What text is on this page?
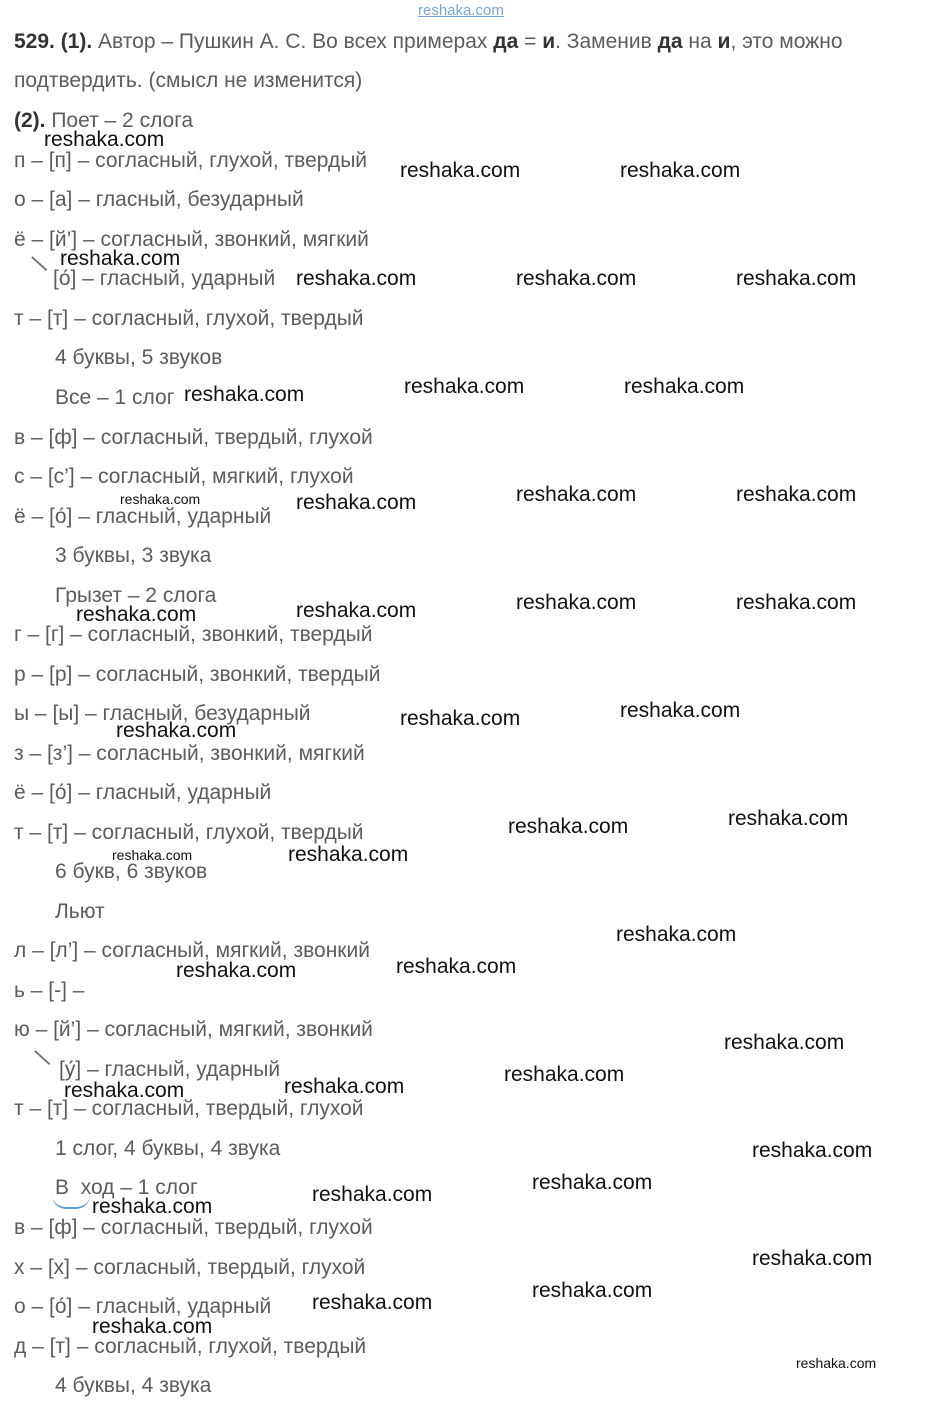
529. (1). Автор – Пушкин А. С. Во всех примерах да = и. Заменив да на и, это можно
подтвердить. (смысл не изменится)
(2). Поет – 2 слога
п – [п] – согласный, глухой, твердый
о – [а] – гласный, безударный
ё – [й’] – согласный, звонкий, мягкий
[о́] – гласный, ударный
т – [т] – согласный, глухой, твердый
4 буквы, 5 звуков
Все – 1 слог
в – [ф] – согласный, твердый, глухой
с – [с’] – согласный, мягкий, глухой
ё – [о́] – гласный, ударный
3 буквы, 3 звука
Грызет – 2 слога
г – [г] – согласный, звонкий, твердый
р – [р] – согласный, звонкий, твердый
ы – [ы] – гласный, безударный
з – [з’] – согласный, звонкий, мягкий
ё – [о́] – гласный, ударный
т – [т] – согласный, глухой, твердый
6 букв, 6 звуков
Льют
л – [л’] – согласный, мягкий, звонкий
ь – [-] –
ю – [й’] – согласный, мягкий, звонкий
[у́] – гласный, ударный
т – [т] – согласный, твердый, глухой
1 слог, 4 буквы, 4 звука
В ход – 1 слог
в – [ф] – согласный, твердый, глухой
х – [х] – согласный, твердый, глухой
о – [о́] – гласный, ударный
д – [т] – согласный, глухой, твердый
4 буквы, 4 звука
reshaka.com
reshaka.com
reshaka.com	reshaka.com
reshaka.com
reshaka.com	reshaka.com	reshaka.com
reshaka.com	reshaka.com	reshaka.com
reshaka.com	reshaka.com	reshaka.com	reshaka.com
reshaka.com	reshaka.com	reshaka.com	reshaka.com
reshaka.com
reshaka.com	reshaka.com
reshaka.com	reshaka.com
reshaka.com	reshaka.com
reshaka.com	reshaka.com
reshaka.com
reshaka.com	reshaka.com
reshaka.com
reshaka.com
reshaka.com
reshaka.com
reshaka.com
reshaka.com
reshaka.com
reshaka.com
reshaka.com
reshaka.com
reshaka.com
